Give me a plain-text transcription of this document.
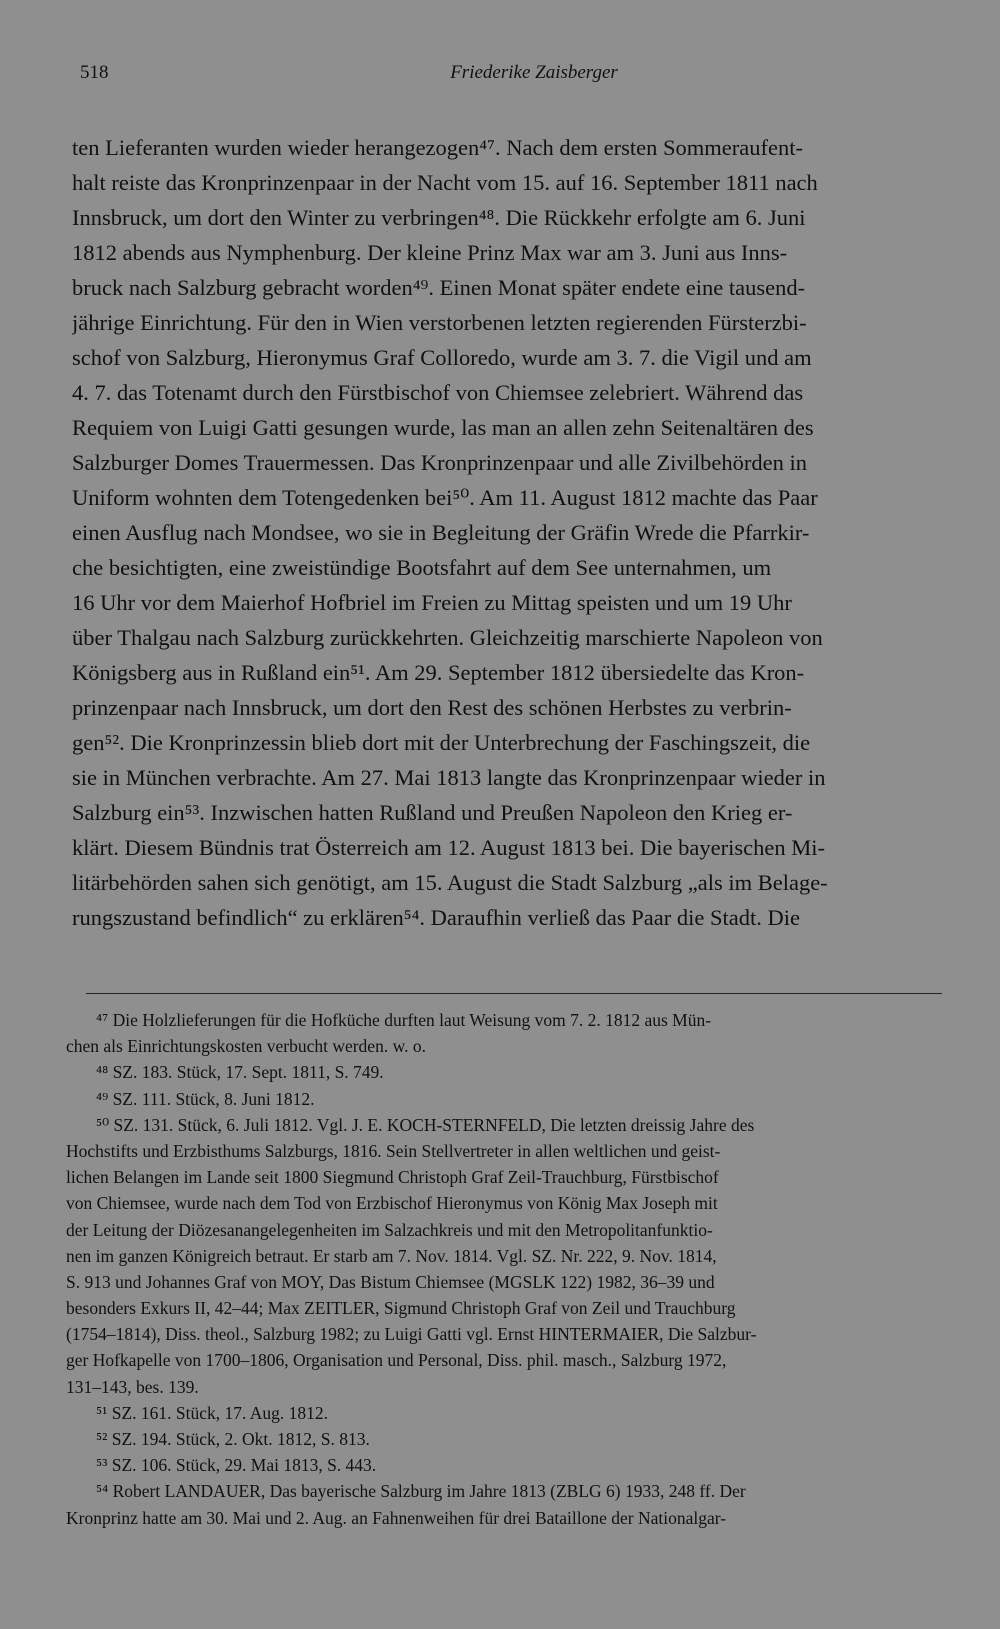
518	Friederike Zaisberger
ten Lieferanten wurden wieder herangezogen⁴⁷. Nach dem ersten Sommeraufent-
halt reiste das Kronprinzenpaar in der Nacht vom 15. auf 16. September 1811 nach
Innsbruck, um dort den Winter zu verbringen⁴⁸. Die Rückkehr erfolgte am 6. Juni
1812 abends aus Nymphenburg. Der kleine Prinz Max war am 3. Juni aus Inns-
bruck nach Salzburg gebracht worden⁴⁹. Einen Monat später endete eine tausend-
jährige Einrichtung. Für den in Wien verstorbenen letzten regierenden Fürsterzbi-
schof von Salzburg, Hieronymus Graf Colloredo, wurde am 3. 7. die Vigil und am
4. 7. das Totenamt durch den Fürstbischof von Chiemsee zelebriert. Während das
Requiem von Luigi Gatti gesungen wurde, las man an allen zehn Seitenaltären des
Salzburger Domes Trauermessen. Das Kronprinzenpaar und alle Zivilbehörden in
Uniform wohnten dem Totengedenken bei⁵⁰. Am 11. August 1812 machte das Paar
einen Ausflug nach Mondsee, wo sie in Begleitung der Gräfin Wrede die Pfarrkir-
che besichtigten, eine zweistündige Bootsfahrt auf dem See unternahmen, um
16 Uhr vor dem Maierhof Hofbriel im Freien zu Mittag speisten und um 19 Uhr
über Thalgau nach Salzburg zurückkehrten. Gleichzeitig marschierte Napoleon von
Königsberg aus in Rußland ein⁵¹. Am 29. September 1812 übersiedelte das Kron-
prinzenpaar nach Innsbruck, um dort den Rest des schönen Herbstes zu verbrin-
gen⁵². Die Kronprinzessin blieb dort mit der Unterbrechung der Faschingszeit, die
sie in München verbrachte. Am 27. Mai 1813 langte das Kronprinzenpaar wieder in
Salzburg ein⁵³. Inzwischen hatten Rußland und Preußen Napoleon den Krieg er-
klärt. Diesem Bündnis trat Österreich am 12. August 1813 bei. Die bayerischen Mi-
litärbehörden sahen sich genötigt, am 15. August die Stadt Salzburg „als im Belage-
rungszustand befindlich“ zu erklären⁵⁴. Daraufhin verließ das Paar die Stadt. Die
⁴⁷ Die Holzlieferungen für die Hofküche durften laut Weisung vom 7. 2. 1812 aus Mün-
chen als Einrichtungskosten verbucht werden. w. o.
⁴⁸ SZ. 183. Stück, 17. Sept. 1811, S. 749.
⁴⁹ SZ. 111. Stück, 8. Juni 1812.
⁵⁰ SZ. 131. Stück, 6. Juli 1812. Vgl. J. E. KOCH-STERNFELD, Die letzten dreissig Jahre des
Hochstifts und Erzbisthums Salzburgs, 1816. Sein Stellvertreter in allen weltlichen und geist-
lichen Belangen im Lande seit 1800 Siegmund Christoph Graf Zeil-Trauchburg, Fürstbischof
von Chiemsee, wurde nach dem Tod von Erzbischof Hieronymus von König Max Joseph mit
der Leitung der Diözesanangelegenheiten im Salzachkreis und mit den Metropolitanfunktio-
nen im ganzen Königreich betraut. Er starb am 7. Nov. 1814. Vgl. SZ. Nr. 222, 9. Nov. 1814,
S. 913 und Johannes Graf von MOY, Das Bistum Chiemsee (MGSLK 122) 1982, 36–39 und
besonders Exkurs II, 42–44; Max ZEITLER, Sigmund Christoph Graf von Zeil und Trauchburg
(1754–1814), Diss. theol., Salzburg 1982; zu Luigi Gatti vgl. Ernst HINTERMAIER, Die Salzbur-
ger Hofkapelle von 1700–1806, Organisation und Personal, Diss. phil. masch., Salzburg 1972,
131–143, bes. 139.
⁵¹ SZ. 161. Stück, 17. Aug. 1812.
⁵² SZ. 194. Stück, 2. Okt. 1812, S. 813.
⁵³ SZ. 106. Stück, 29. Mai 1813, S. 443.
⁵⁴ Robert LANDAUER, Das bayerische Salzburg im Jahre 1813 (ZBLG 6) 1933, 248 ff. Der
Kronprinz hatte am 30. Mai und 2. Aug. an Fahnenweihen für drei Bataillone der Nationalgar-
